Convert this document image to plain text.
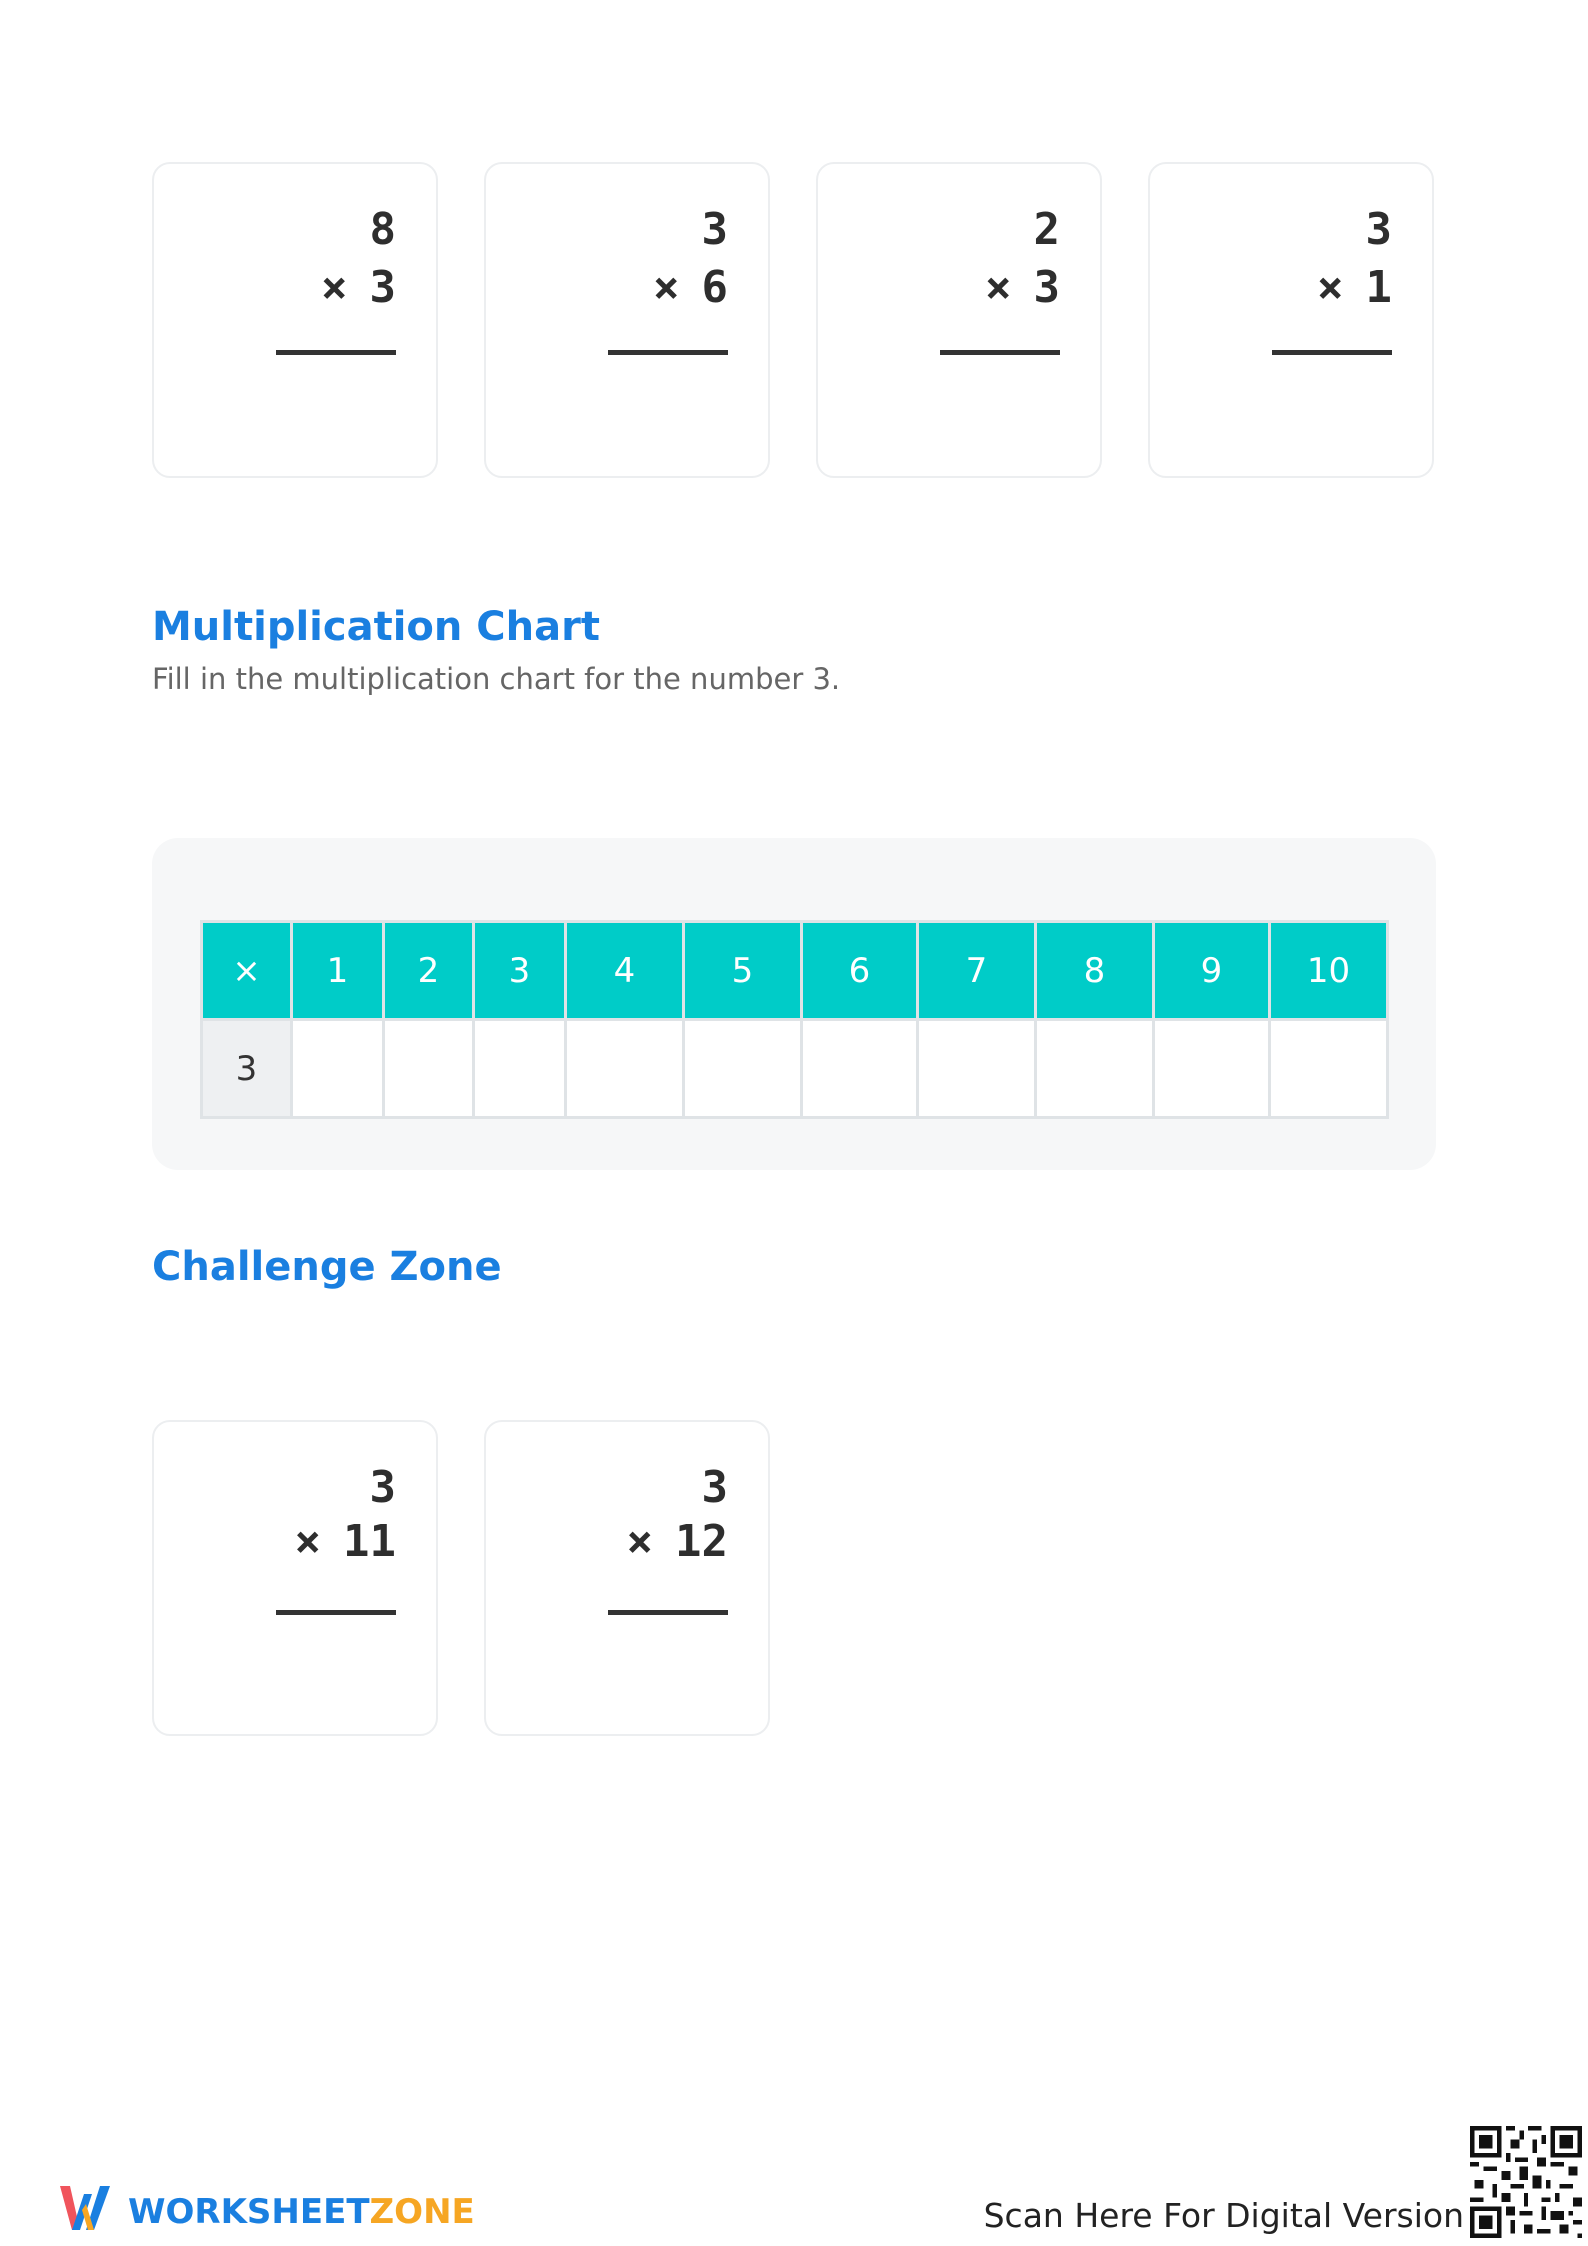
8
× 3
3
× 6
2
× 3
3
× 1
Multiplication Chart

Fill in the multiplication chart for the number 3.

×	1	2	3	4	5	6	7	8	9	10
3										
Challenge Zone
3
× 11
3
× 12
WORKSHEETZONE	Scan Here For Digital Version
